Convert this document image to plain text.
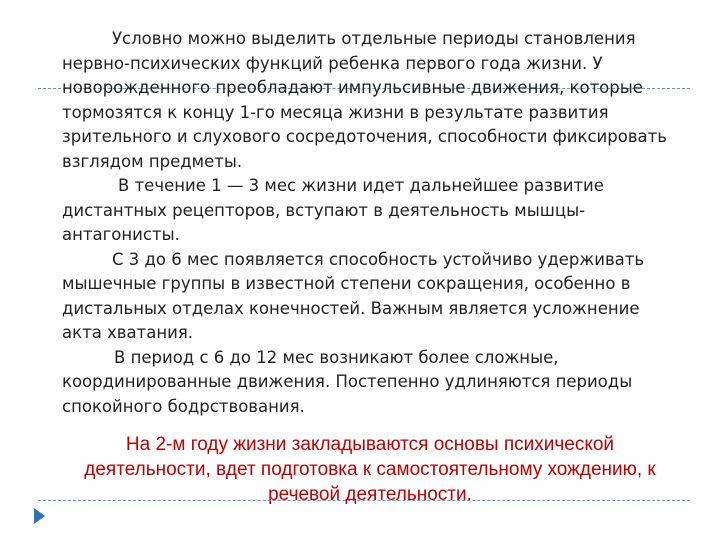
Условно можно выделить отдельные периоды становления нервно-психических функций ребенка первого года жизни. У новорожденного преобладают импульсивные движения, которые тормозятся к концу 1-го месяца жизни в результате развития зрительного и слухового сосредоточения, способности фиксировать взглядом предметы.

В течение 1 — 3 мес жизни идет дальнейшее развитие дистантных рецепторов, вступают в деятельность мышцы-антагонисты.

С 3 до 6 мес появляется способность устойчиво удерживать мышечные группы в известной степени сокращения, особенно в дистальных отделах конечностей. Важным является усложнение акта хватания.

В период с 6 до 12 мес возникают более сложные, координированные движения. Постепенно удлиняются периоды спокойного бодрствования.

На 2-м году жизни закладываются основы психической деятельности, вдет подготовка к самостоятельному хождению, к речевой деятельности.
